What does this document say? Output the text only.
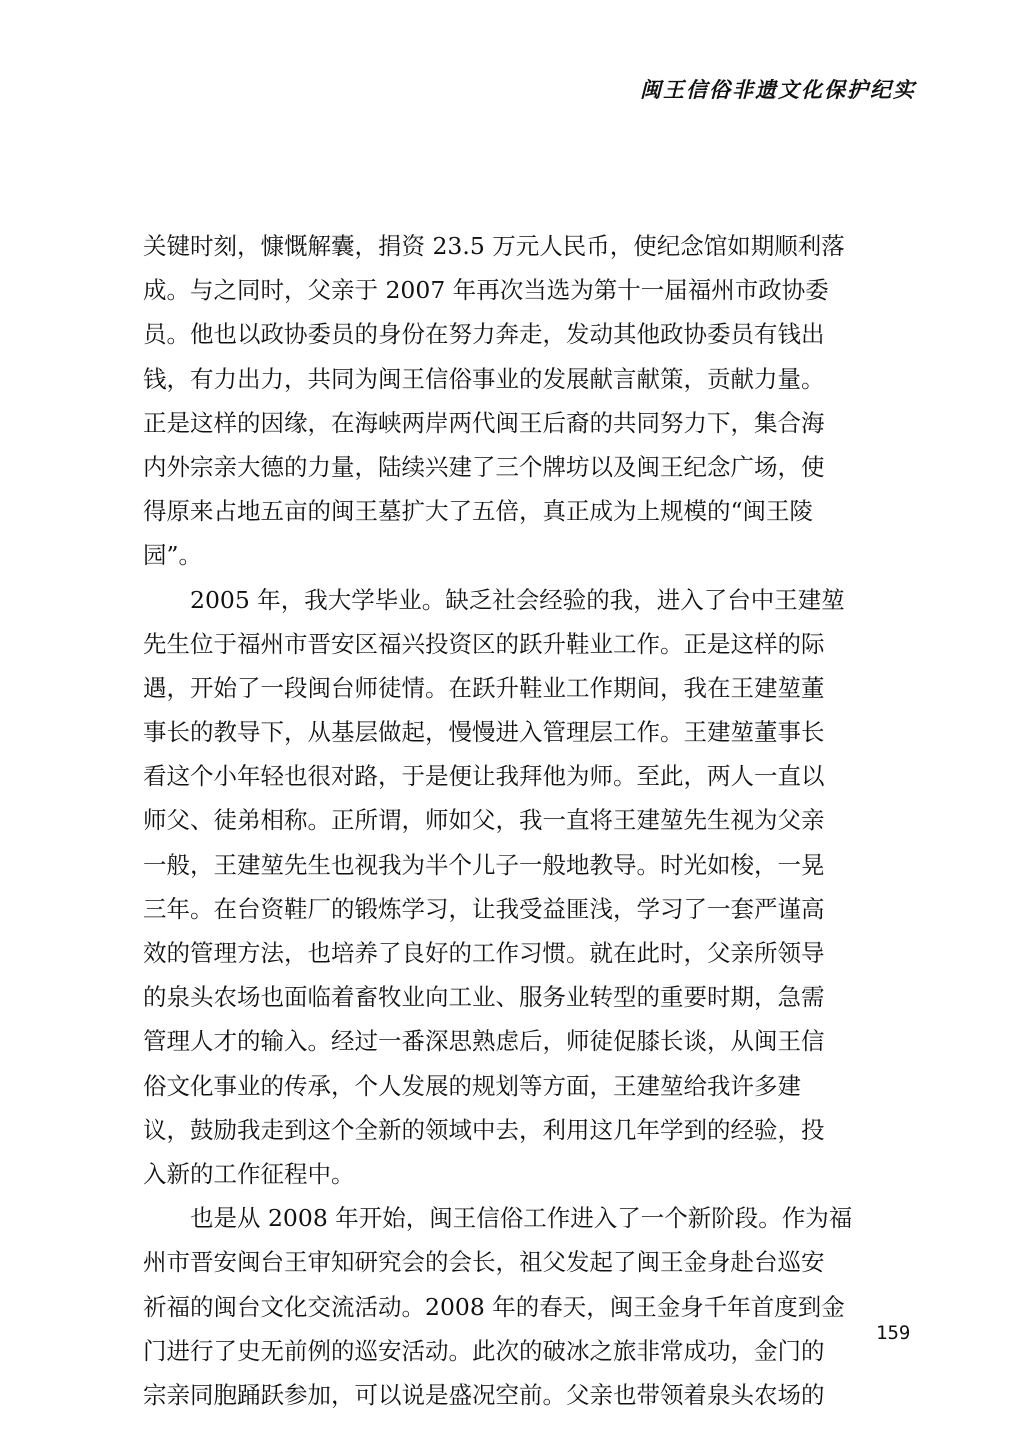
闽王信俗非遗文化保护纪实
关键时刻，慷慨解囊，捐资 23.5 万元人民币，使纪念馆如期顺利落
成。与之同时，父亲于 2007 年再次当选为第十一届福州市政协委
员。他也以政协委员的身份在努力奔走，发动其他政协委员有钱出
钱，有力出力，共同为闽王信俗事业的发展献言献策，贡献力量。
正是这样的因缘，在海峡两岸两代闽王后裔的共同努力下，集合海
内外宗亲大德的力量，陆续兴建了三个牌坊以及闽王纪念广场，使
得原来占地五亩的闽王墓扩大了五倍，真正成为上规模的“闽王陵
园”。
　　2005 年，我大学毕业。缺乏社会经验的我，进入了台中王建堃
先生位于福州市晋安区福兴投资区的跃升鞋业工作。正是这样的际
遇，开始了一段闽台师徒情。在跃升鞋业工作期间，我在王建堃董
事长的教导下，从基层做起，慢慢进入管理层工作。王建堃董事长
看这个小年轻也很对路，于是便让我拜他为师。至此，两人一直以
师父、徒弟相称。正所谓，师如父，我一直将王建堃先生视为父亲
一般，王建堃先生也视我为半个儿子一般地教导。时光如梭，一晃
三年。在台资鞋厂的锻炼学习，让我受益匪浅，学习了一套严谨高
效的管理方法，也培养了良好的工作习惯。就在此时，父亲所领导
的泉头农场也面临着畜牧业向工业、服务业转型的重要时期，急需
管理人才的输入。经过一番深思熟虑后，师徒促膝长谈，从闽王信
俗文化事业的传承，个人发展的规划等方面，王建堃给我许多建
议，鼓励我走到这个全新的领域中去，利用这几年学到的经验，投
入新的工作征程中。
　　也是从 2008 年开始，闽王信俗工作进入了一个新阶段。作为福
州市晋安闽台王审知研究会的会长，祖父发起了闽王金身赴台巡安
祈福的闽台文化交流活动。2008 年的春天，闽王金身千年首度到金
门进行了史无前例的巡安活动。此次的破冰之旅非常成功，金门的
宗亲同胞踊跃参加，可以说是盛况空前。父亲也带领着泉头农场的
159
